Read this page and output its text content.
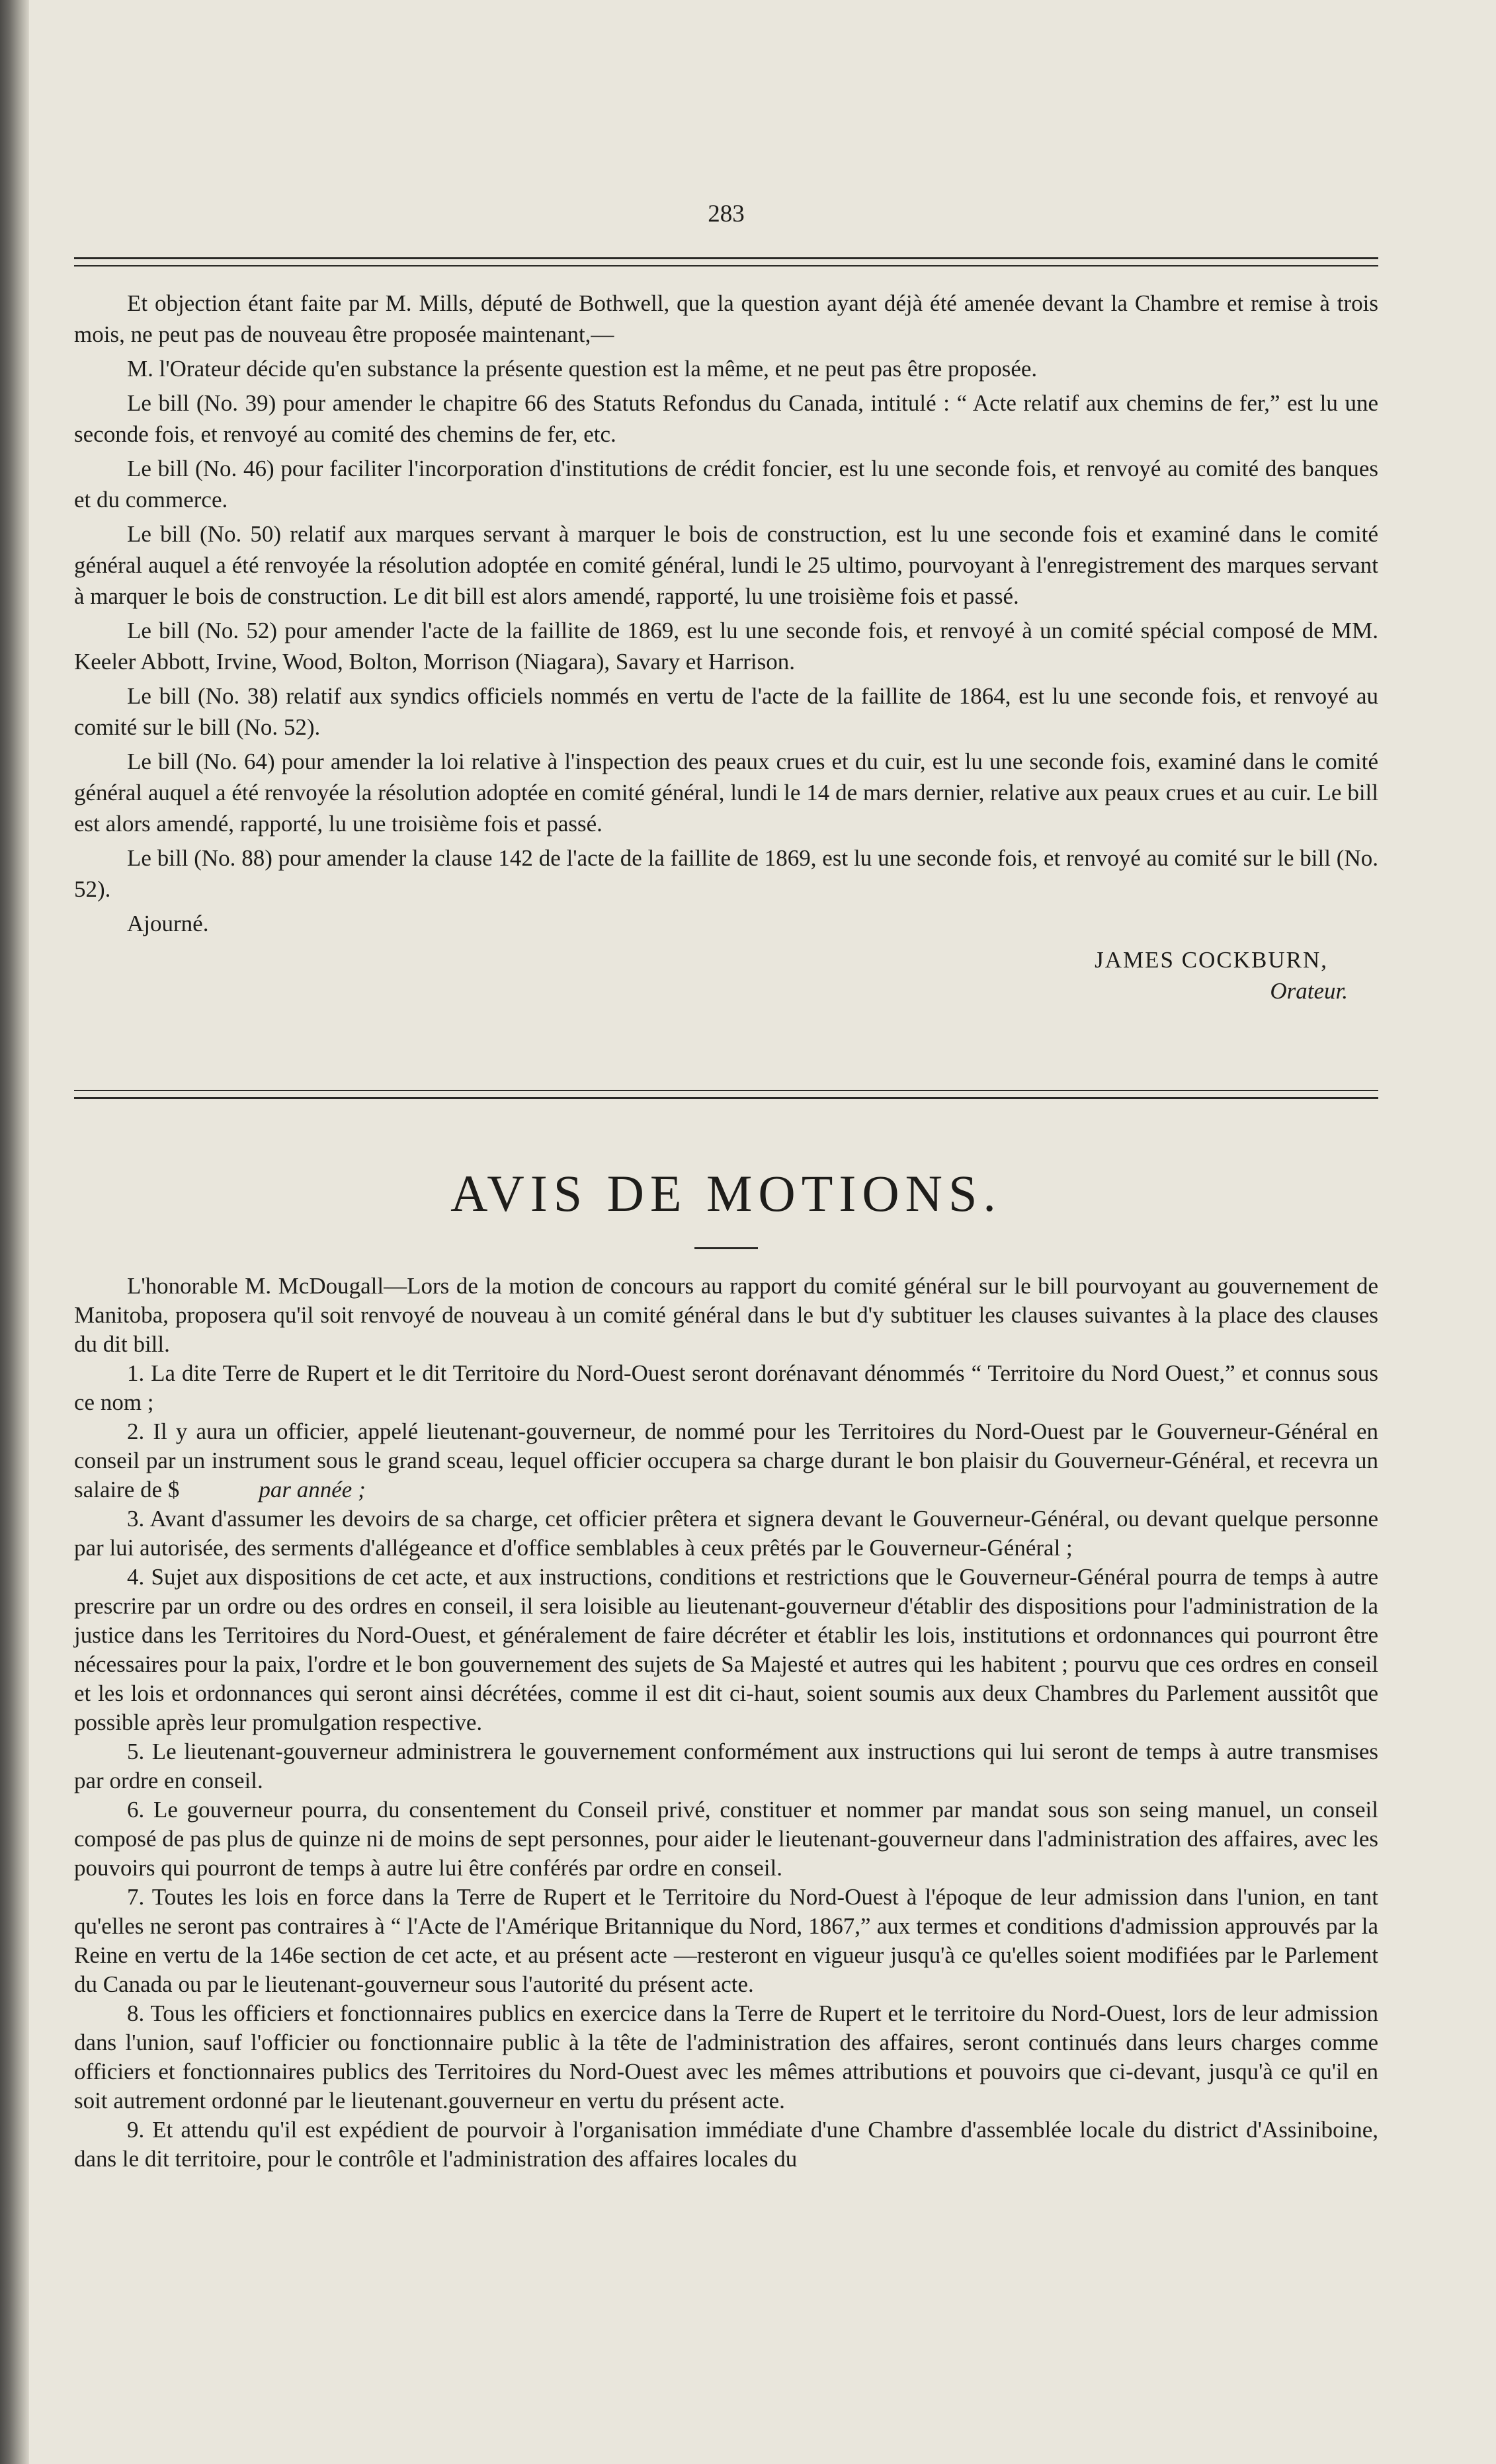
283

Et objection étant faite par M. Mills, député de Bothwell, que la question ayant déjà été amenée devant la Chambre et remise à trois mois, ne peut pas de nouveau être proposée maintenant,—

M. l'Orateur décide qu'en substance la présente question est la même, et ne peut pas être proposée.

Le bill (No. 39) pour amender le chapitre 66 des Statuts Refondus du Canada, intitulé : “ Acte relatif aux chemins de fer,” est lu une seconde fois, et renvoyé au comité des chemins de fer, etc.

Le bill (No. 46) pour faciliter l'incorporation d'institutions de crédit foncier, est lu une seconde fois, et renvoyé au comité des banques et du commerce.

Le bill (No. 50) relatif aux marques servant à marquer le bois de construction, est lu une seconde fois et examiné dans le comité général auquel a été renvoyée la résolution adoptée en comité général, lundi le 25 ultimo, pourvoyant à l'enregistrement des marques servant à marquer le bois de construction. Le dit bill est alors amendé, rapporté, lu une troisième fois et passé.

Le bill (No. 52) pour amender l'acte de la faillite de 1869, est lu une seconde fois, et renvoyé à un comité spécial composé de MM. Keeler Abbott, Irvine, Wood, Bolton, Morrison (Niagara), Savary et Harrison.

Le bill (No. 38) relatif aux syndics officiels nommés en vertu de l'acte de la faillite de 1864, est lu une seconde fois, et renvoyé au comité sur le bill (No. 52).

Le bill (No. 64) pour amender la loi relative à l'inspection des peaux crues et du cuir, est lu une seconde fois, examiné dans le comité général auquel a été renvoyée la résolution adoptée en comité général, lundi le 14 de mars dernier, relative aux peaux crues et au cuir. Le bill est alors amendé, rapporté, lu une troisième fois et passé.

Le bill (No. 88) pour amender la clause 142 de l'acte de la faillite de 1869, est lu une seconde fois, et renvoyé au comité sur le bill (No. 52).

Ajourné.

JAMES COCKBURN,
Orateur.
AVIS DE MOTIONS.

L'honorable M. McDougall—Lors de la motion de concours au rapport du comité général sur le bill pourvoyant au gouvernement de Manitoba, proposera qu'il soit renvoyé de nouveau à un comité général dans le but d'y subtituer les clauses suivantes à la place des clauses du dit bill.

1. La dite Terre de Rupert et le dit Territoire du Nord-Ouest seront dorénavant dénommés “ Territoire du Nord Ouest,” et connus sous ce nom ;

2. Il y aura un officier, appelé lieutenant-gouverneur, de nommé pour les Territoires du Nord-Ouest par le Gouverneur-Général en conseil par un instrument sous le grand sceau, lequel officier occupera sa charge durant le bon plaisir du Gouverneur-Général, et recevra un salaire de $	par année ;

3. Avant d'assumer les devoirs de sa charge, cet officier prêtera et signera devant le Gouverneur-Général, ou devant quelque personne par lui autorisée, des serments d'allégeance et d'office semblables à ceux prêtés par le Gouverneur-Général ;

4. Sujet aux dispositions de cet acte, et aux instructions, conditions et restrictions que le Gouverneur-Général pourra de temps à autre prescrire par un ordre ou des ordres en conseil, il sera loisible au lieutenant-gouverneur d'établir des dispositions pour l'administration de la justice dans les Territoires du Nord-Ouest, et généralement de faire décréter et établir les lois, institutions et ordonnances qui pourront être nécessaires pour la paix, l'ordre et le bon gouvernement des sujets de Sa Majesté et autres qui les habitent ; pourvu que ces ordres en conseil et les lois et ordonnances qui seront ainsi décrétées, comme il est dit ci-haut, soient soumis aux deux Chambres du Parlement aussitôt que possible après leur promulgation respective.

5. Le lieutenant-gouverneur administrera le gouvernement conformément aux instructions qui lui seront de temps à autre transmises par ordre en conseil.

6. Le gouverneur pourra, du consentement du Conseil privé, constituer et nommer par mandat sous son seing manuel, un conseil composé de pas plus de quinze ni de moins de sept personnes, pour aider le lieutenant-gouverneur dans l'administration des affaires, avec les pouvoirs qui pourront de temps à autre lui être conférés par ordre en conseil.

7. Toutes les lois en force dans la Terre de Rupert et le Territoire du Nord-Ouest à l'époque de leur admission dans l'union, en tant qu'elles ne seront pas contraires à “ l'Acte de l'Amérique Britannique du Nord, 1867,” aux termes et conditions d'admission approuvés par la Reine en vertu de la 146e section de cet acte, et au présent acte —resteront en vigueur jusqu'à ce qu'elles soient modifiées par le Parlement du Canada ou par le lieutenant-gouverneur sous l'autorité du présent acte.

8. Tous les officiers et fonctionnaires publics en exercice dans la Terre de Rupert et le territoire du Nord-Ouest, lors de leur admission dans l'union, sauf l'officier ou fonctionnaire public à la tête de l'administration des affaires, seront continués dans leurs charges comme officiers et fonctionnaires publics des Territoires du Nord-Ouest avec les mêmes attributions et pouvoirs que ci-devant, jusqu'à ce qu'il en soit autrement ordonné par le lieutenant.gouverneur en vertu du présent acte.

9. Et attendu qu'il est expédient de pourvoir à l'organisation immédiate d'une Chambre d'assemblée locale du district d'Assiniboine, dans le dit territoire, pour le contrôle et l'administration des affaires locales du
